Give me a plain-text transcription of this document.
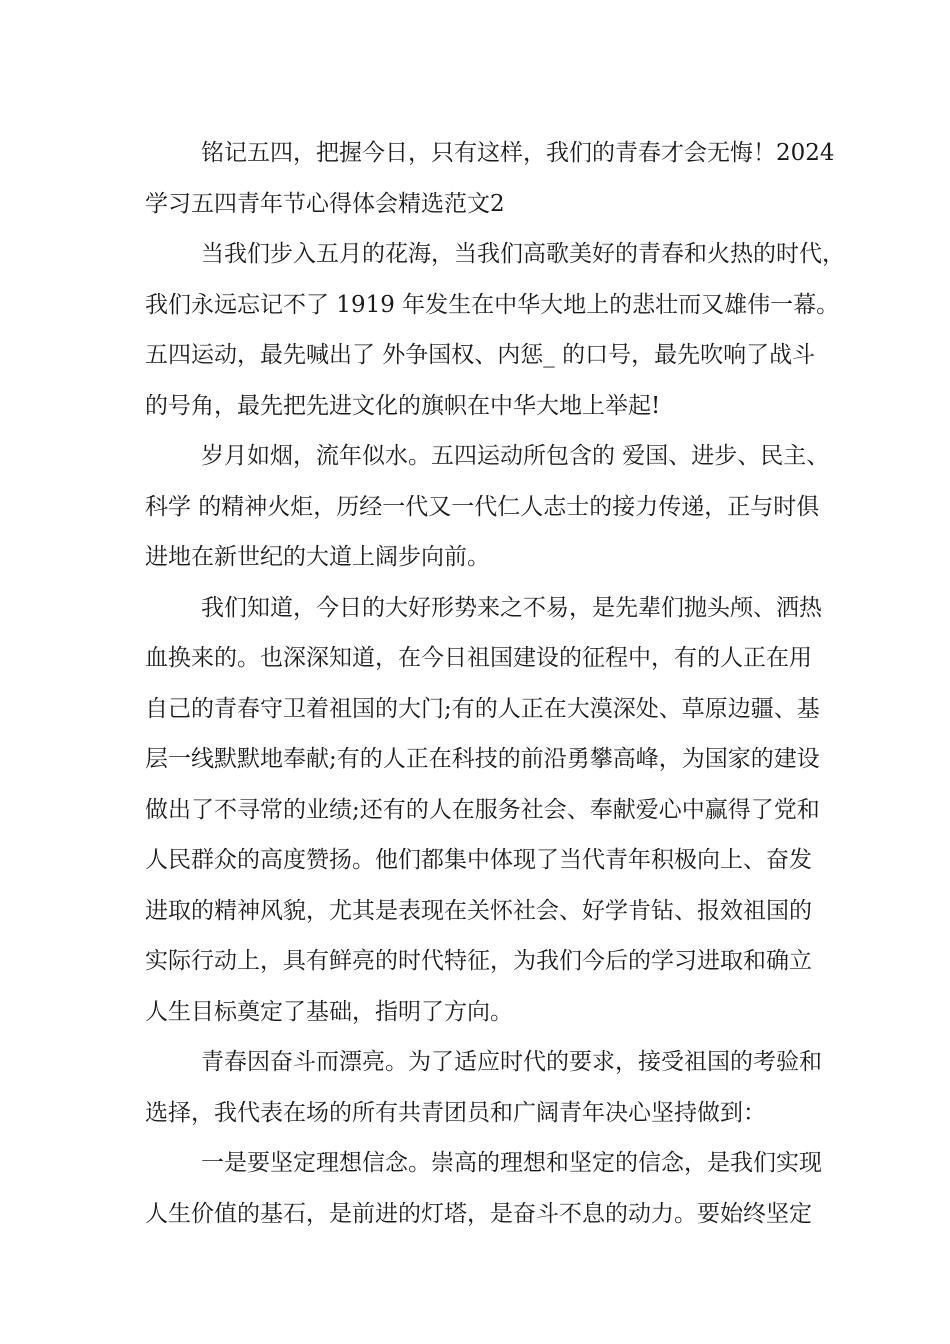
铭记五四，把握今日，只有这样，我们的青春才会无悔！2024
学习五四青年节心得体会精选范文2
当我们步入五月的花海，当我们高歌美好的青春和火热的时代，
我们永远忘记不了 1919 年发生在中华大地上的悲壮而又雄伟一幕。
五四运动，最先喊出了 外争国权、内惩_ 的口号，最先吹响了战斗
的号角，最先把先进文化的旗帜在中华大地上举起!
岁月如烟，流年似水。五四运动所包含的 爱国、进步、民主、
科学 的精神火炬，历经一代又一代仁人志士的接力传递，正与时俱
进地在新世纪的大道上阔步向前。
我们知道，今日的大好形势来之不易，是先辈们抛头颅、洒热
血换来的。也深深知道，在今日祖国建设的征程中，有的人正在用
自己的青春守卫着祖国的大门;有的人正在大漠深处、草原边疆、基
层一线默默地奉献;有的人正在科技的前沿勇攀高峰，为国家的建设
做出了不寻常的业绩;还有的人在服务社会、奉献爱心中赢得了党和
人民群众的高度赞扬。他们都集中体现了当代青年积极向上、奋发
进取的精神风貌，尤其是表现在关怀社会、好学肯钻、报效祖国的
实际行动上，具有鲜亮的时代特征，为我们今后的学习进取和确立
人生目标奠定了基础，指明了方向。
青春因奋斗而漂亮。为了适应时代的要求，接受祖国的考验和
选择，我代表在场的所有共青团员和广阔青年决心坚持做到：
一是要坚定理想信念。崇高的理想和坚定的信念，是我们实现
人生价值的基石，是前进的灯塔，是奋斗不息的动力。要始终坚定
